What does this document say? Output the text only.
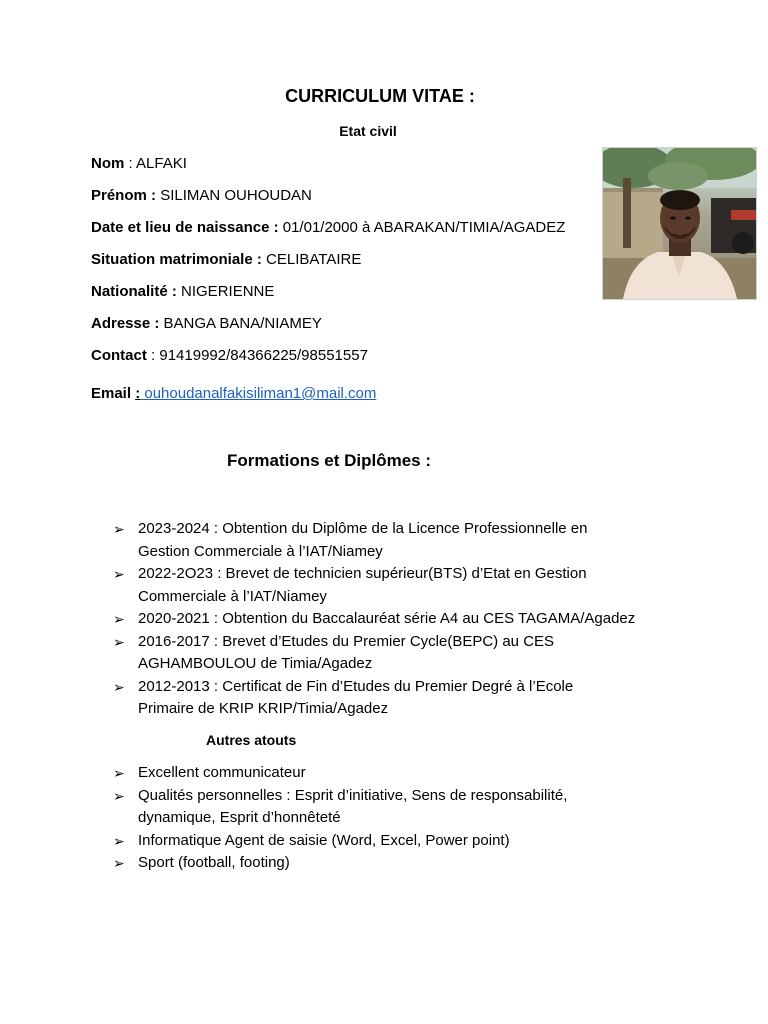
CURRICULUM VITAE :
Etat civil
Nom : ALFAKI
Prénom : SILIMAN OUHOUDAN
Date et lieu de naissance : 01/01/2000 à ABARAKAN/TIMIA/AGADEZ
Situation matrimoniale : CELIBATAIRE
Nationalité : NIGERIENNE
Adresse : BANGA BANA/NIAMEY
Contact : 91419992/84366225/98551557
Email : ouhoudanalfakisiliman1@mail.com
Formations et Diplômes :
➢ 2023-2024 : Obtention du Diplôme de la Licence Professionnelle en
Gestion Commerciale à l’IAT/Niamey
➢ 2022-2O23 : Brevet de technicien supérieur(BTS) d’Etat en Gestion
Commerciale à l’IAT/Niamey
➢ 2020-2021 : Obtention du Baccalauréat série A4 au CES TAGAMA/Agadez
➢ 2016-2017 : Brevet d’Etudes du Premier Cycle(BEPC) au CES
AGHAMBOULOU de Timia/Agadez
➢ 2012-2013 : Certificat de Fin d’Etudes du Premier Degré à l’Ecole
Primaire de KRIP KRIP/Timia/Agadez
Autres atouts
➢ Excellent communicateur
➢ Qualités personnelles : Esprit d’initiative, Sens de responsabilité,
dynamique, Esprit d’honnêteté
➢ Informatique Agent de saisie (Word, Excel, Power point)
➢ Sport (football, footing)
